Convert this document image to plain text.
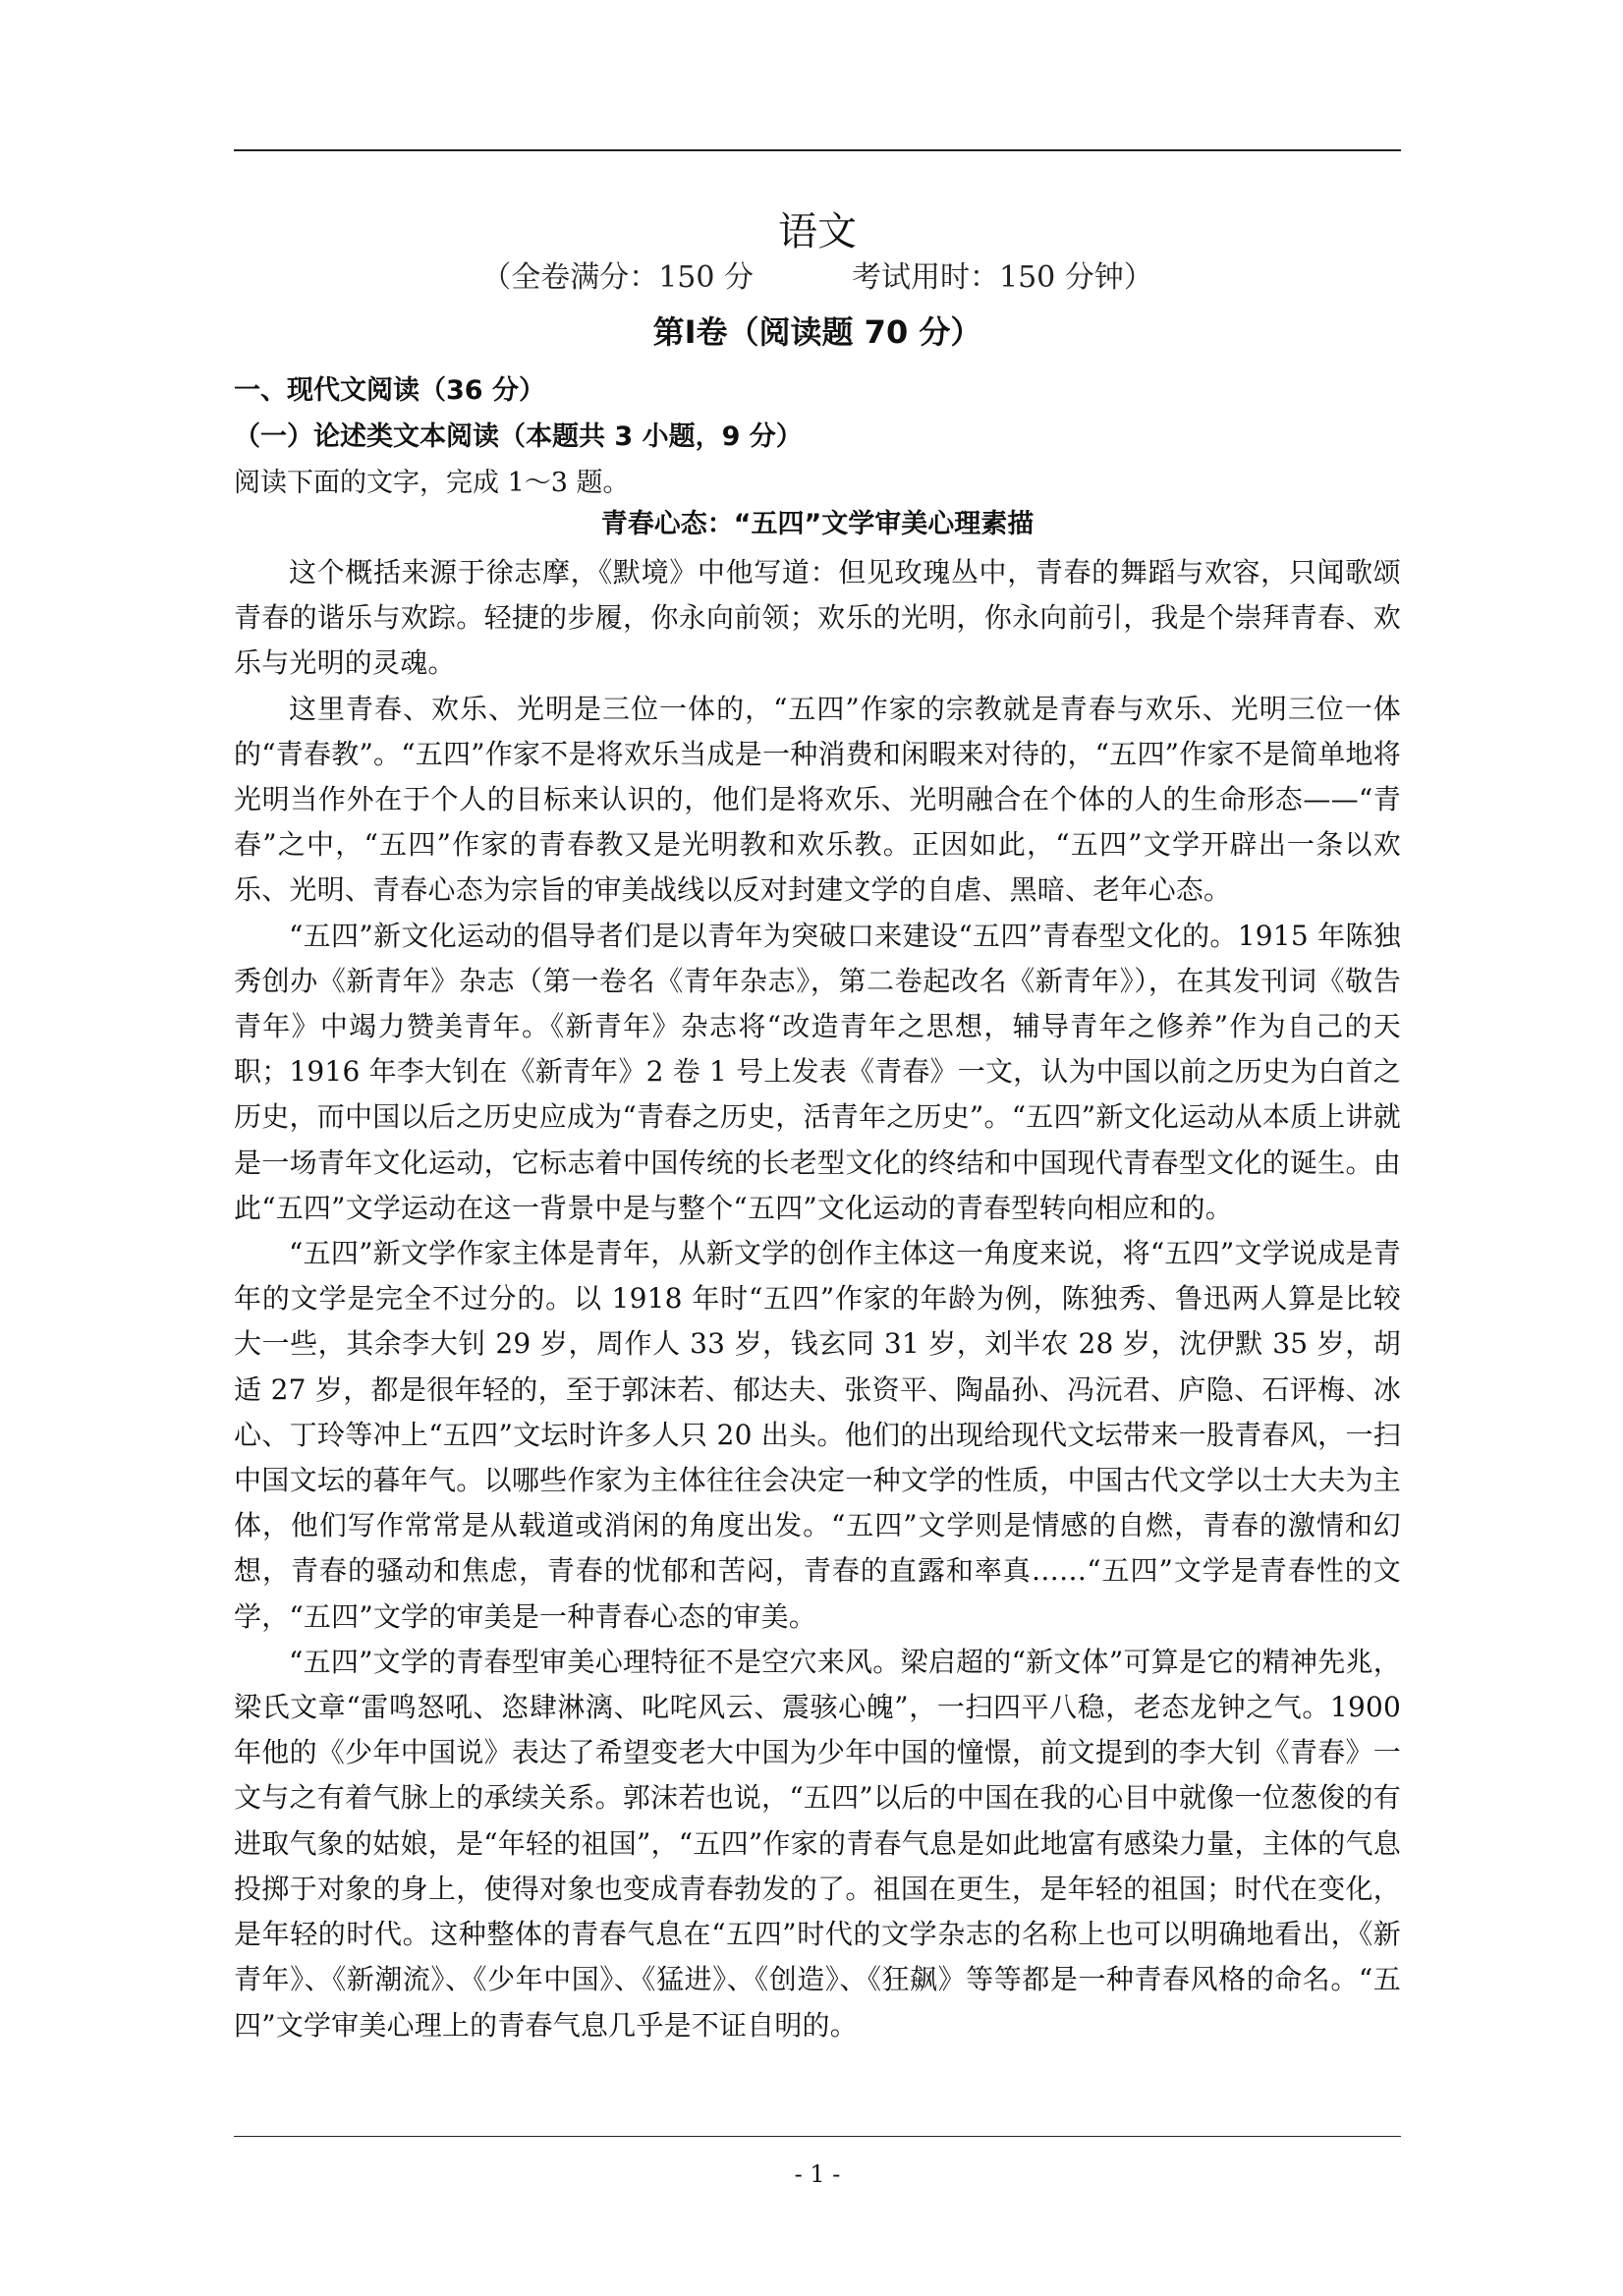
语文
（全卷满分：150 分	考试用时：150 分钟）
第Ⅰ卷（阅读题 70 分）
一、现代文阅读（36 分）
（一）论述类文本阅读（本题共 3 小题，9 分）
阅读下面的文字，完成 1～3 题。
青春心态：“五四”文学审美心理素描

这个概括来源于徐志摩，《默境》中他写道：但见玫瑰丛中，青春的舞蹈与欢容，只闻歌颂青春的谐乐与欢踪。轻捷的步履，你永向前领；欢乐的光明，你永向前引，我是个崇拜青春、欢乐与光明的灵魂。

这里青春、欢乐、光明是三位一体的，“五四”作家的宗教就是青春与欢乐、光明三位一体的“青春教”。“五四”作家不是将欢乐当成是一种消费和闲暇来对待的，“五四”作家不是简单地将光明当作外在于个人的目标来认识的，他们是将欢乐、光明融合在个体的人的生命形态——“青春”之中，“五四”作家的青春教又是光明教和欢乐教。正因如此，“五四”文学开辟出一条以欢乐、光明、青春心态为宗旨的审美战线以反对封建文学的自虐、黑暗、老年心态。

“五四”新文化运动的倡导者们是以青年为突破口来建设“五四”青春型文化的。1915 年陈独秀创办《新青年》杂志（第一卷名《青年杂志》，第二卷起改名《新青年》），在其发刊词《敬告青年》中竭力赞美青年。《新青年》杂志将“改造青年之思想，辅导青年之修养”作为自己的天职；1916 年李大钊在《新青年》2 卷 1 号上发表《青春》一文，认为中国以前之历史为白首之历史，而中国以后之历史应成为“青春之历史，活青年之历史”。“五四”新文化运动从本质上讲就是一场青年文化运动，它标志着中国传统的长老型文化的终结和中国现代青春型文化的诞生。由此“五四”文学运动在这一背景中是与整个“五四”文化运动的青春型转向相应和的。

“五四”新文学作家主体是青年，从新文学的创作主体这一角度来说，将“五四”文学说成是青年的文学是完全不过分的。以 1918 年时“五四”作家的年龄为例，陈独秀、鲁迅两人算是比较大一些，其余李大钊 29 岁，周作人 33 岁，钱玄同 31 岁，刘半农 28 岁，沈伊默 35 岁，胡适 27 岁，都是很年轻的，至于郭沫若、郁达夫、张资平、陶晶孙、冯沅君、庐隐、石评梅、冰心、丁玲等冲上“五四”文坛时许多人只 20 出头。他们的出现给现代文坛带来一股青春风，一扫中国文坛的暮年气。以哪些作家为主体往往会决定一种文学的性质，中国古代文学以士大夫为主体，他们写作常常是从载道或消闲的角度出发。“五四”文学则是情感的自燃，青春的激情和幻想，青春的骚动和焦虑，青春的忧郁和苦闷，青春的直露和率真……“五四”文学是青春性的文学，“五四”文学的审美是一种青春心态的审美。

“五四”文学的青春型审美心理特征不是空穴来风。梁启超的“新文体”可算是它的精神先兆，梁氏文章“雷鸣怒吼、恣肆淋漓、叱咤风云、震骇心魄”，一扫四平八稳，老态龙钟之气。1900 年他的《少年中国说》表达了希望变老大中国为少年中国的憧憬，前文提到的李大钊《青春》一文与之有着气脉上的承续关系。郭沫若也说，“五四”以后的中国在我的心目中就像一位葱俊的有进取气象的姑娘，是“年轻的祖国”，“五四”作家的青春气息是如此地富有感染力量，主体的气息投掷于对象的身上，使得对象也变成青春勃发的了。祖国在更生，是年轻的祖国；时代在变化，是年轻的时代。这种整体的青春气息在“五四”时代的文学杂志的名称上也可以明确地看出，《新青年》、《新潮流》、《少年中国》、《猛进》、《创造》、《狂飙》等等都是一种青春风格的命名。“五四”文学审美心理上的青春气息几乎是不证自明的。

- 1 -
